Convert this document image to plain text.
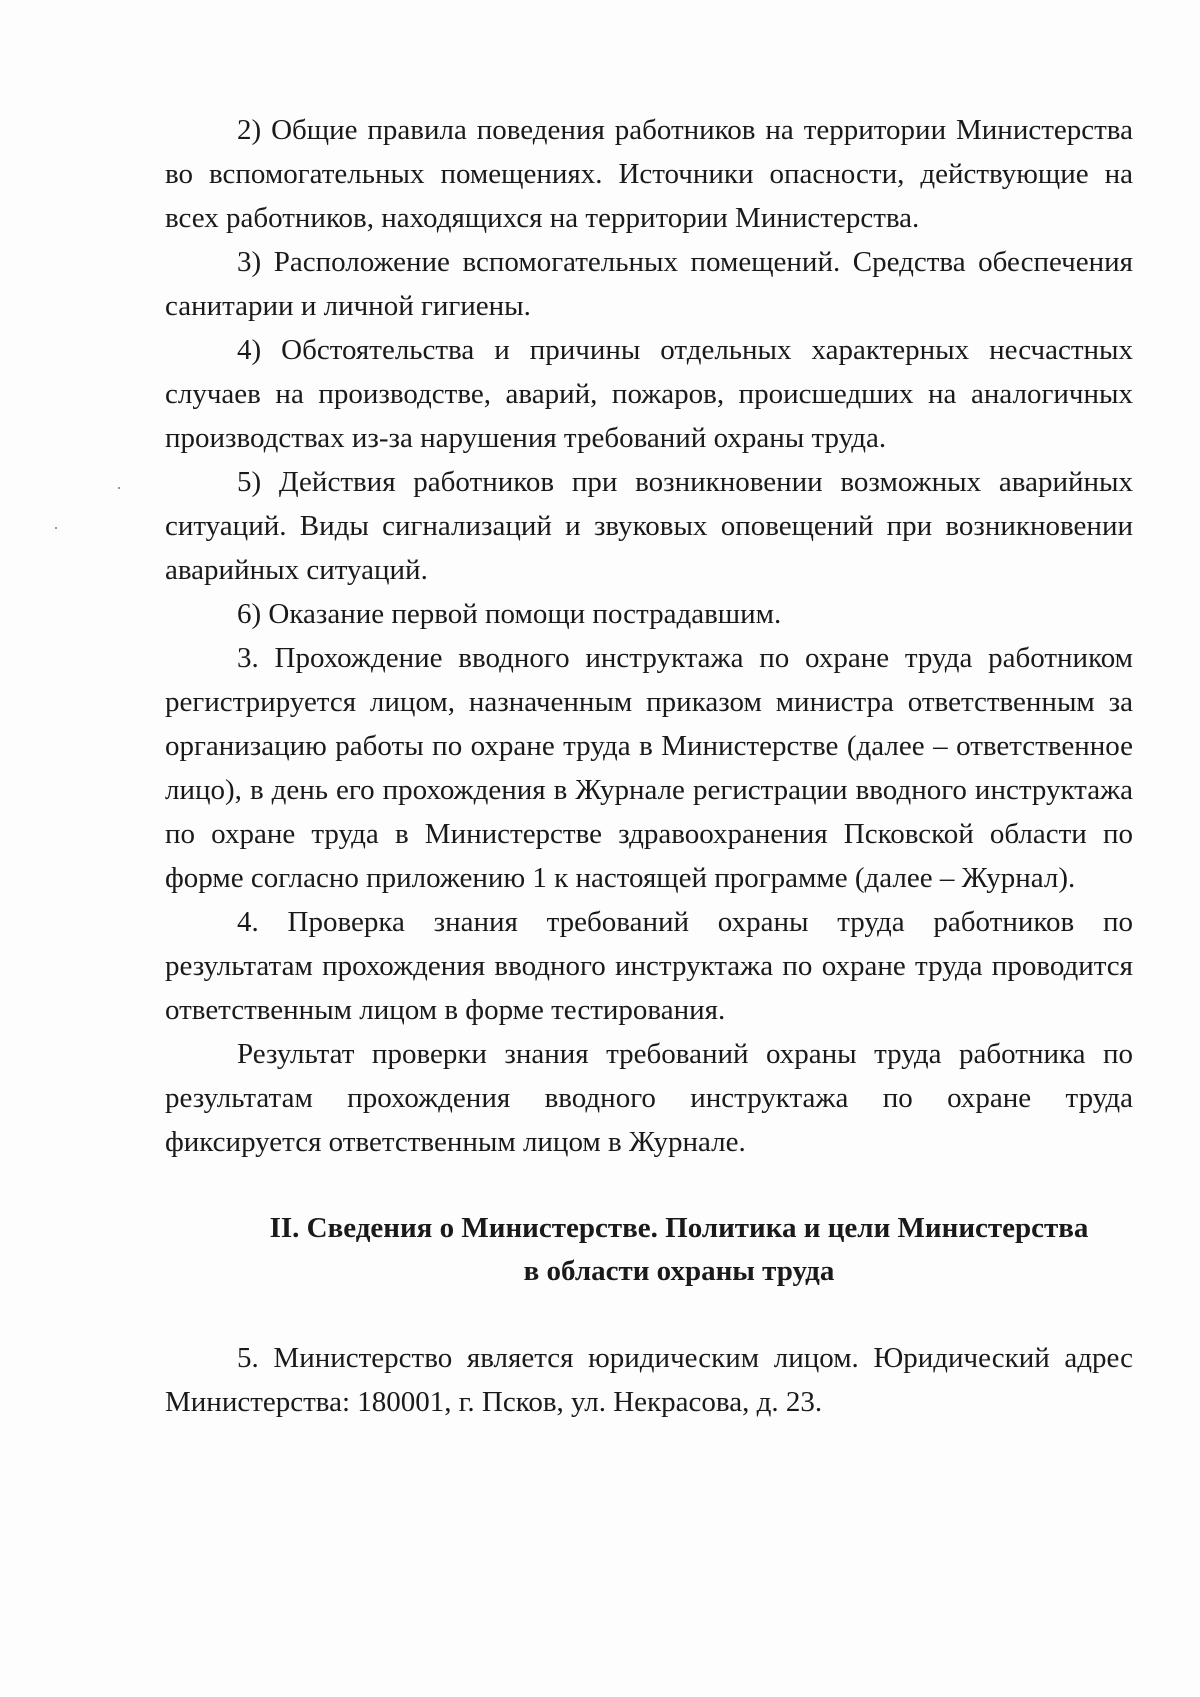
2) Общие правила поведения работников на территории Министерства во вспомогательных помещениях. Источники опасности, действующие на всех работников, находящихся на территории Министерства.

3) Расположение вспомогательных помещений. Средства обеспечения санитарии и личной гигиены.

4) Обстоятельства и причины отдельных характерных несчастных случаев на производстве, аварий, пожаров, происшедших на аналогичных производствах из-за нарушения требований охраны труда.

5) Действия работников при возникновении возможных аварийных ситуаций. Виды сигнализаций и звуковых оповещений при возникновении аварийных ситуаций.

6) Оказание первой помощи пострадавшим.

3. Прохождение вводного инструктажа по охране труда работником регистрируется лицом, назначенным приказом министра ответственным за организацию работы по охране труда в Министерстве (далее – ответственное лицо), в день его прохождения в Журнале регистрации вводного инструктажа по охране труда в Министерстве здравоохранения Псковской области по форме согласно приложению 1 к настоящей программе (далее – Журнал).

4. Проверка знания требований охраны труда работников по результатам прохождения вводного инструктажа по охране труда проводится ответственным лицом в форме тестирования.

Результат проверки знания требований охраны труда работника по результатам прохождения вводного инструктажа по охране труда фиксируется ответственным лицом в Журнале.

II. Сведения о Министерстве. Политика и цели Министерства
в области охраны труда

5. Министерство является юридическим лицом. Юридический адрес Министерства: 180001, г. Псков, ул. Некрасова, д. 23.
